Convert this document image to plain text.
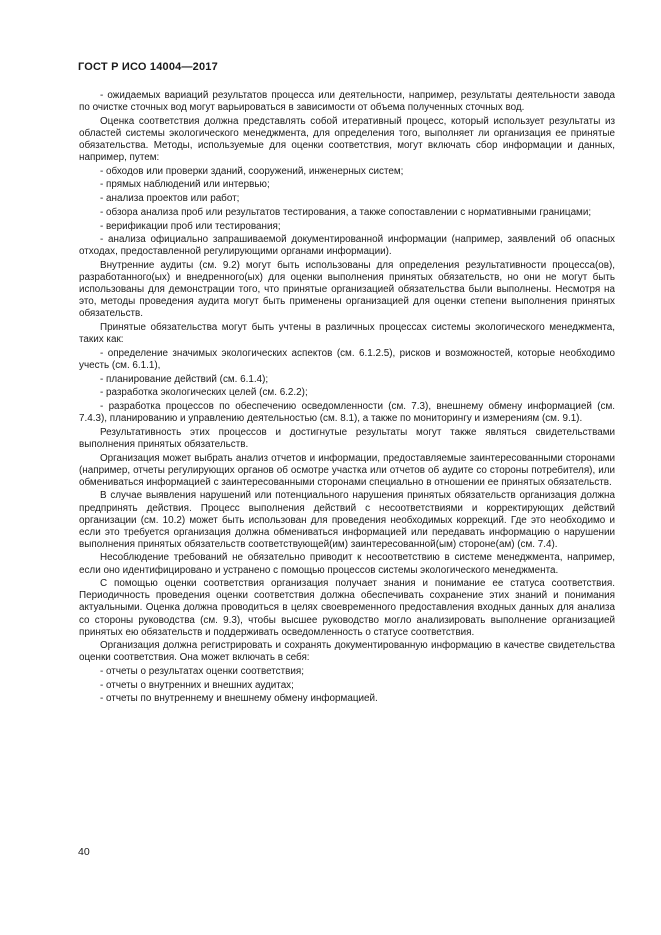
ГОСТ Р ИСО 14004—2017

- ожидаемых вариаций результатов процесса или деятельности, например, результаты деятельности завода по очистке сточных вод могут варьироваться в зависимости от объема полученных сточных вод.

Оценка соответствия должна представлять собой итеративный процесс, который использует результаты из областей системы экологического менеджмента, для определения того, выполняет ли организация ее принятые обязательства. Методы, используемые для оценки соответствия, могут включать сбор информации и данных, например, путем:

- обходов или проверки зданий, сооружений, инженерных систем;

- прямых наблюдений или интервью;

- анализа проектов или работ;

- обзора анализа проб или результатов тестирования, а также сопоставлении с нормативными границами;

- верификации проб или тестирования;

- анализа официально запрашиваемой документированной информации (например, заявлений об опасных отходах, предоставленной регулирующими органами информации).

Внутренние аудиты (см. 9.2) могут быть использованы для определения результативности процесса(ов), разработанного(ых) и внедренного(ых) для оценки выполнения принятых обязательств, но они не могут быть использованы для демонстрации того, что принятые организацией обязательства были выполнены. Несмотря на это, методы проведения аудита могут быть применены организацией для оценки степени выполнения принятых обязательств.

Принятые обязательства могут быть учтены в различных процессах системы экологического менеджмента, таких как:

- определение значимых экологических аспектов (см. 6.1.2.5), рисков и возможностей, которые необходимо учесть (см. 6.1.1),

- планирование действий (см. 6.1.4);

- разработка экологических целей (см. 6.2.2);

- разработка процессов по обеспечению осведомленности (см. 7.3), внешнему обмену информацией (см. 7.4.3), планированию и управлению деятельностью (см. 8.1), а также по мониторингу и измерениям (см. 9.1).

Результативность этих процессов и достигнутые результаты могут также являться свидетельствами выполнения принятых обязательств.

Организация может выбрать анализ отчетов и информации, предоставляемые заинтересованными сторонами (например, отчеты регулирующих органов об осмотре участка или отчетов об аудите со стороны потребителя), или обмениваться информацией с заинтересованными сторонами специально в отношении ее принятых обязательств.

В случае выявления нарушений или потенциального нарушения принятых обязательств организация должна предпринять действия. Процесс выполнения действий с несоответствиями и корректирующих действий организации (см. 10.2) может быть использован для проведения необходимых коррекций. Где это необходимо и если это требуется организация должна обмениваться информацией или передавать информацию о нарушении выполнения принятых обязательств соответствующей(им) заинтересованной(ым) стороне(ам) (см. 7.4).

Несоблюдение требований не обязательно приводит к несоответствию в системе менеджмента, например, если оно идентифицировано и устранено с помощью процессов системы экологического менеджмента.

С помощью оценки соответствия организация получает знания и понимание ее статуса соответствия. Периодичность проведения оценки соответствия должна обеспечивать сохранение этих знаний и понимания актуальными. Оценка должна проводиться в целях своевременного предоставления входных данных для анализа со стороны руководства (см. 9.3), чтобы высшее руководство могло анализировать выполнение организацией принятых ею обязательств и поддерживать осведомленность о статусе соответствия.

Организация должна регистрировать и сохранять документированную информацию в качестве свидетельства оценки соответствия. Она может включать в себя:

- отчеты о результатах оценки соответствия;

- отчеты о внутренних и внешних аудитах;

- отчеты по внутреннему и внешнему обмену информацией.

40
